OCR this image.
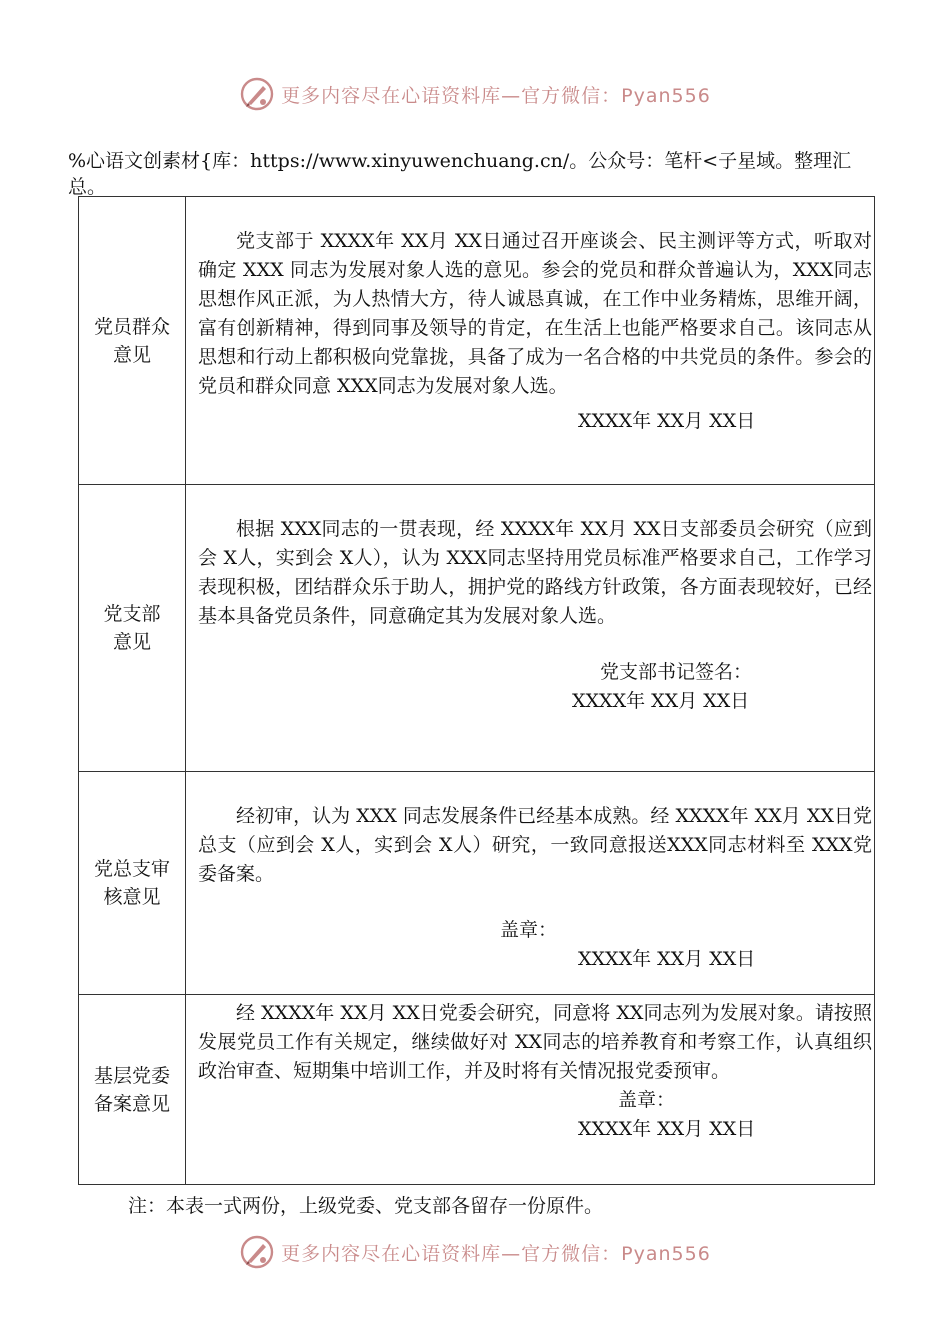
更多内容尽在心语资料库—官方微信：Pyan556
%心语文创素材{库：https://www.xinyuwenchuang.cn/。公众号：笔杆<子星域。整理汇总。
党员群众意见	党支部于 XXXX年 XX月 XX日通过召开座谈会、民主测评等方式，听取对确定 XXX 同志为发展对象人选的意见。参会的党员和群众普遍认为，XXX同志思想作风正派，为人热情大方，待人诚恳真诚，在工作中业务精炼，思维开阔，富有创新精神，得到同事及领导的肯定，在生活上也能严格要求自己。该同志从思想和行动上都积极向党靠拢，具备了成为一名合格的中共党员的条件。参会的党员和群众同意 XXX同志为发展对象人选。

XXXX年 XX月 XX日

党支部意见	根据 XXX同志的一贯表现，经 XXXX年 XX月 XX日支部委员会研究（应到会 X人，实到会 X人），认为 XXX同志坚持用党员标准严格要求自己，工作学习表现积极，团结群众乐于助人，拥护党的路线方针政策，各方面表现较好，已经基本具备党员条件，同意确定其为发展对象人选。

党支部书记签名：

XXXX年 XX月 XX日

党总支审核意见	经初审，认为 XXX 同志发展条件已经基本成熟。经 XXXX年 XX月 XX日党总支（应到会 X人，实到会 X人）研究，一致同意报送XXX同志材料至 XXX党委备案。

盖章：

XXXX年 XX月 XX日

基层党委备案意见	经 XXXX年 XX月 XX日党委会研究，同意将 XX同志列为发展对象。请按照发展党员工作有关规定，继续做好对 XX同志的培养教育和考察工作，认真组织政治审查、短期集中培训工作，并及时将有关情况报党委预审。

盖章：

XXXX年 XX月 XX日

注：本表一式两份，上级党委、党支部各留存一份原件。
更多内容尽在心语资料库—官方微信：Pyan556
